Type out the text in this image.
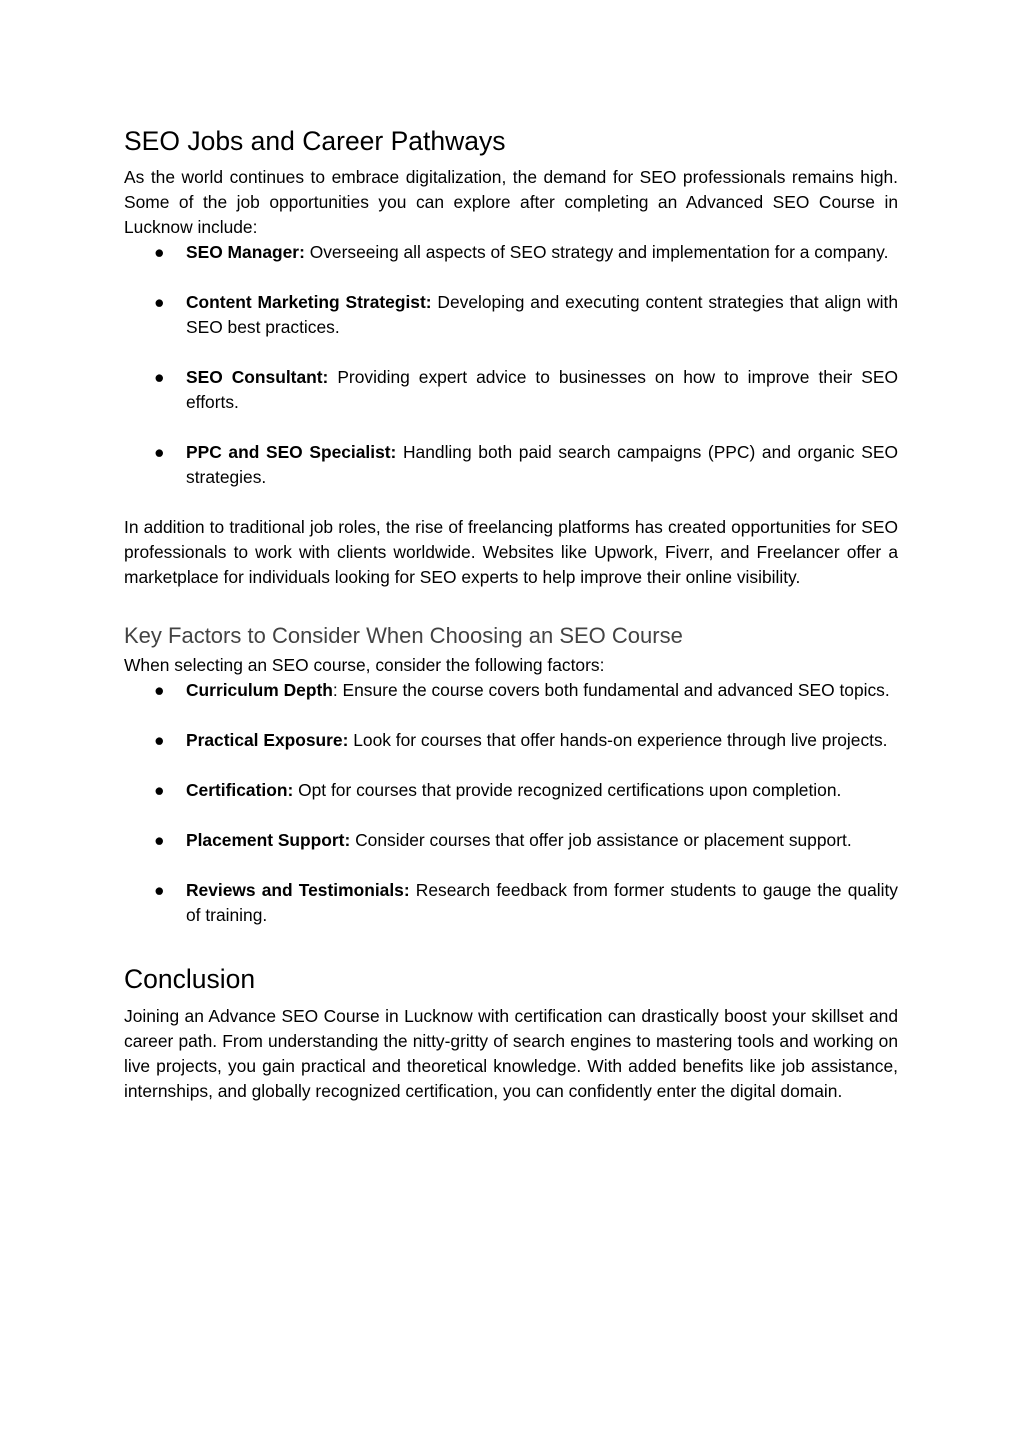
SEO Jobs and Career Pathways

As the world continues to embrace digitalization, the demand for SEO professionals remains high. Some of the job opportunities you can explore after completing an Advanced SEO Course in Lucknow include:

● SEO Manager: Overseeing all aspects of SEO strategy and implementation for a company.
● Content Marketing Strategist: Developing and executing content strategies that align with SEO best practices.
● SEO Consultant: Providing expert advice to businesses on how to improve their SEO efforts.
● PPC and SEO Specialist: Handling both paid search campaigns (PPC) and organic SEO strategies.

In addition to traditional job roles, the rise of freelancing platforms has created opportunities for SEO professionals to work with clients worldwide. Websites like Upwork, Fiverr, and Freelancer offer a marketplace for individuals looking for SEO experts to help improve their online visibility.

Key Factors to Consider When Choosing an SEO Course

When selecting an SEO course, consider the following factors:

● Curriculum Depth: Ensure the course covers both fundamental and advanced SEO topics.
● Practical Exposure: Look for courses that offer hands-on experience through live projects.
● Certification: Opt for courses that provide recognized certifications upon completion.
● Placement Support: Consider courses that offer job assistance or placement support.
● Reviews and Testimonials: Research feedback from former students to gauge the quality of training.
Conclusion

Joining an Advance SEO Course in Lucknow with certification can drastically boost your skillset and career path. From understanding the nitty-gritty of search engines to mastering tools and working on live projects, you gain practical and theoretical knowledge. With added benefits like job assistance, internships, and globally recognized certification, you can confidently enter the digital domain.
